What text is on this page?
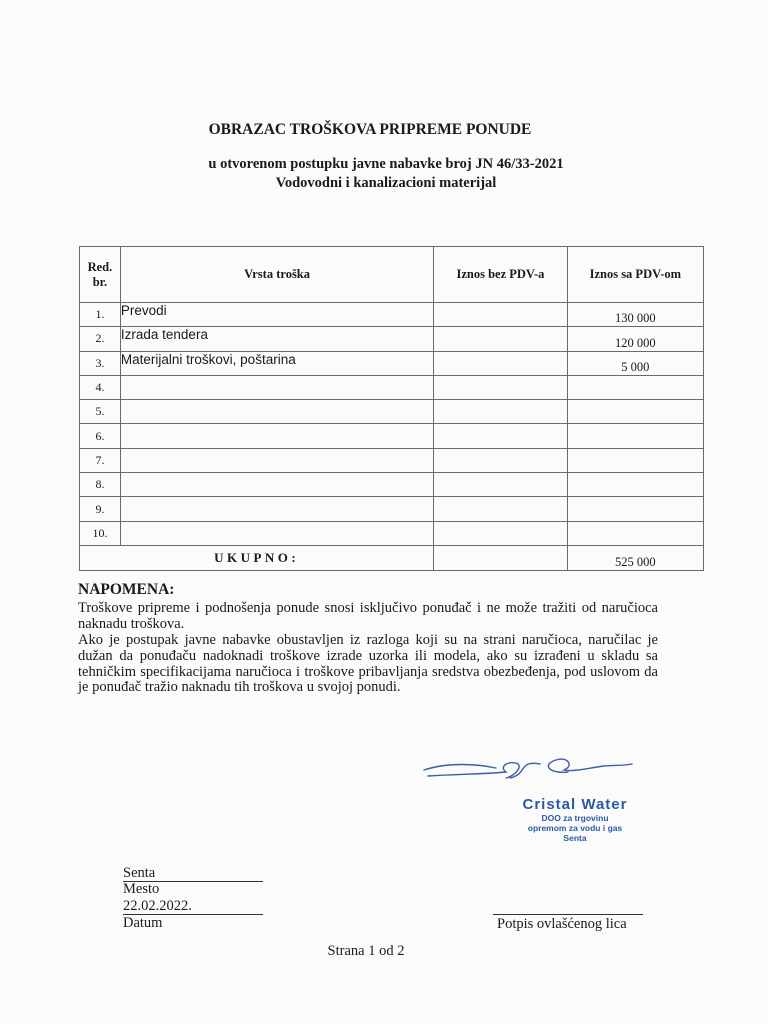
OBRAZAC TROŠKOVA PRIPREME PONUDE
u otvorenom postupku javne nabavke broj JN 46/33-2021
Vodovodni i kanalizacioni materijal
Red. br.	Vrsta troška	Iznos bez PDV-a	Iznos sa PDV-om
1.	Prevodi		130 000
2.	Izrada tendera		120 000
3.	Materijalni troškovi, poštarina		5 000
4.			
5.			
6.			
7.			
8.			
9.			
10.			
UKUPNO:			525 000
NAPOMENA:
Troškove pripreme i podnošenja ponude snosi isključivo ponuđač i ne može tražiti od naručioca naknadu troškova.
Ako je postupak javne nabavke obustavljen iz razloga koji su na strani naručioca, naručilac je dužan da ponuđaču nadoknadi troškove izrade uzorka ili modela, ako su izrađeni u skladu sa tehničkim specifikacijama naručioca i troškove pribavljanja sredstva obezbeđenja, pod uslovom da je ponuđač tražio naknadu tih troškova u svojoj ponudi.
Cristal Water
DOO za trgovinu
opremom za vodu i gas
Senta
Senta
Mesto
22.02.2022.
Datum	Potpis ovlašćenog lica
Strana 1 od 2
